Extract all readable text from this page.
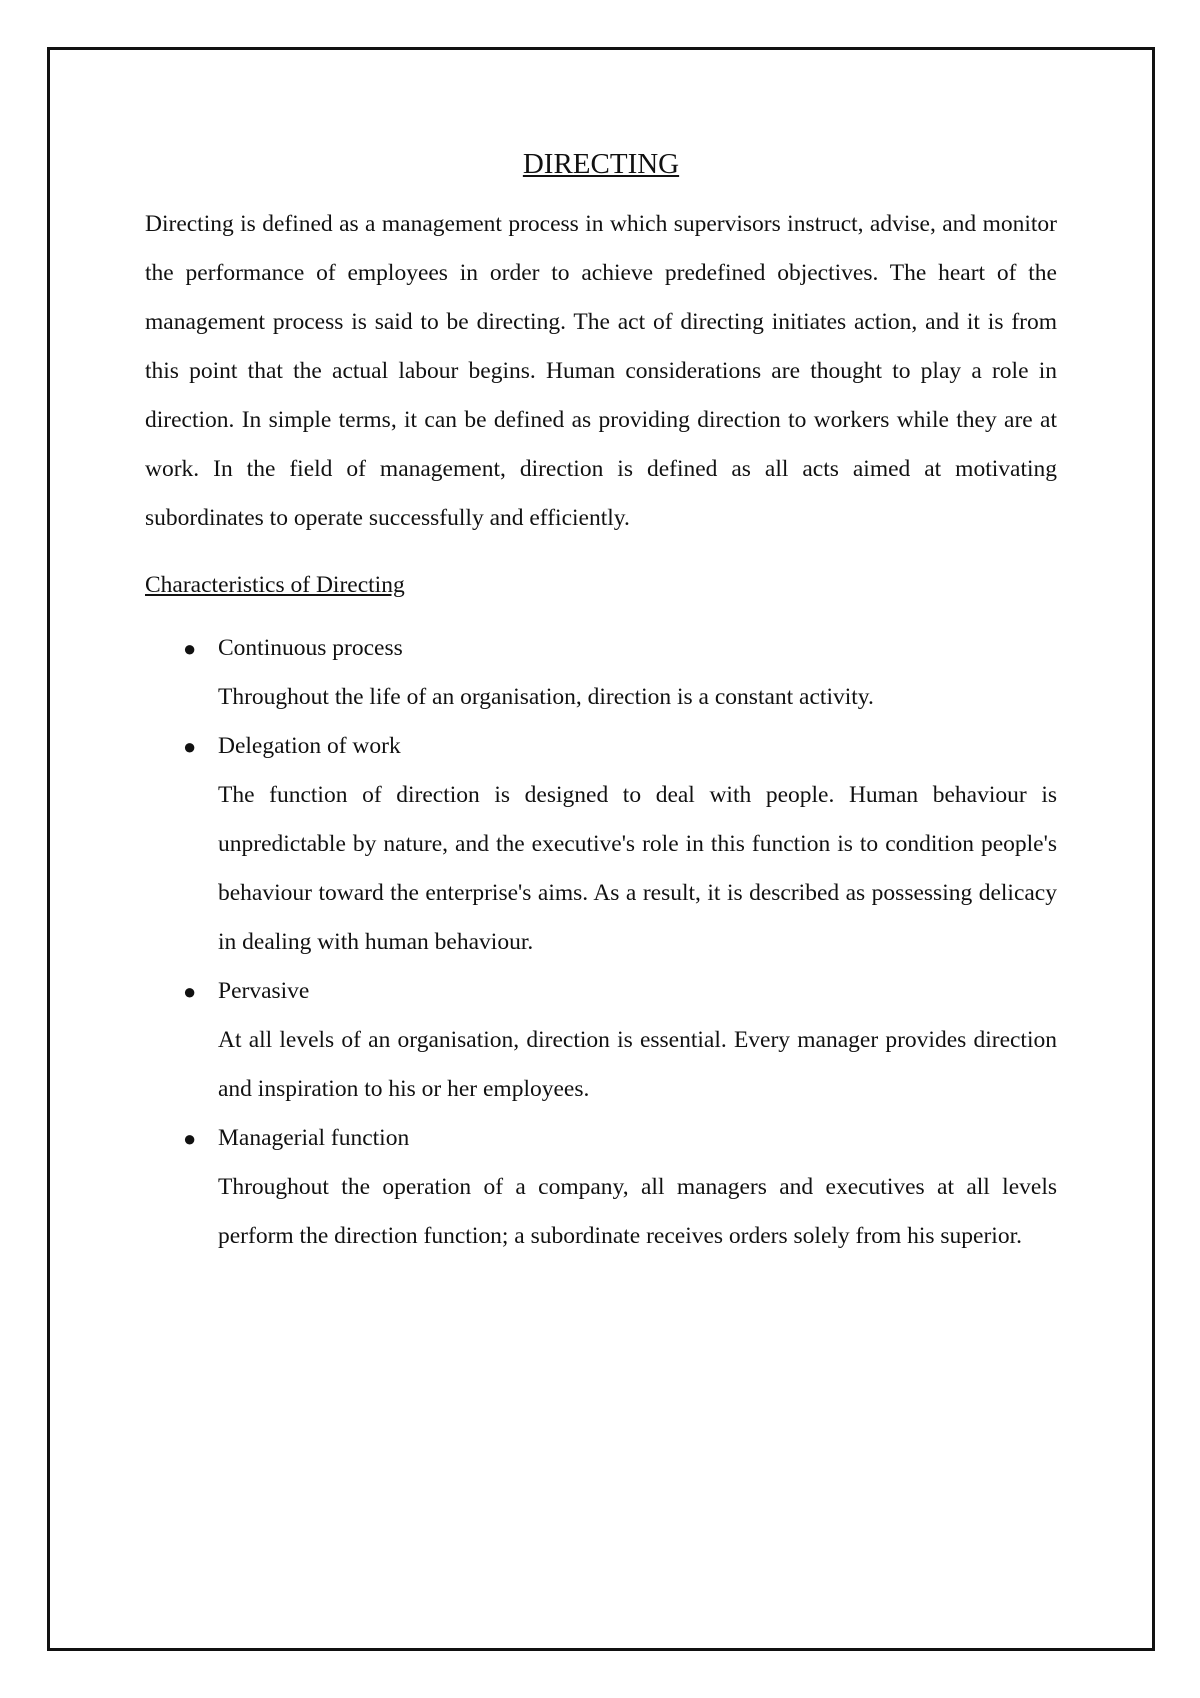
DIRECTING

Directing is defined as a management process in which supervisors instruct, advise, and monitor the performance of employees in order to achieve predefined objectives. The heart of the management process is said to be directing. The act of directing initiates action, and it is from this point that the actual labour begins. Human considerations are thought to play a role in direction. In simple terms, it can be defined as providing direction to workers while they are at work. In the field of management, direction is defined as all acts aimed at motivating subordinates to operate successfully and efficiently.

Characteristics of Directing
● Continuous process

Throughout the life of an organisation, direction is a constant activity.

● Delegation of work

The function of direction is designed to deal with people. Human behaviour is unpredictable by nature, and the executive's role in this function is to condition people's behaviour toward the enterprise's aims. As a result, it is described as possessing delicacy in dealing with human behaviour.

● Pervasive

At all levels of an organisation, direction is essential. Every manager provides direction and inspiration to his or her employees.

● Managerial function

Throughout the operation of a company, all managers and executives at all levels perform the direction function; a subordinate receives orders solely from his superior.
